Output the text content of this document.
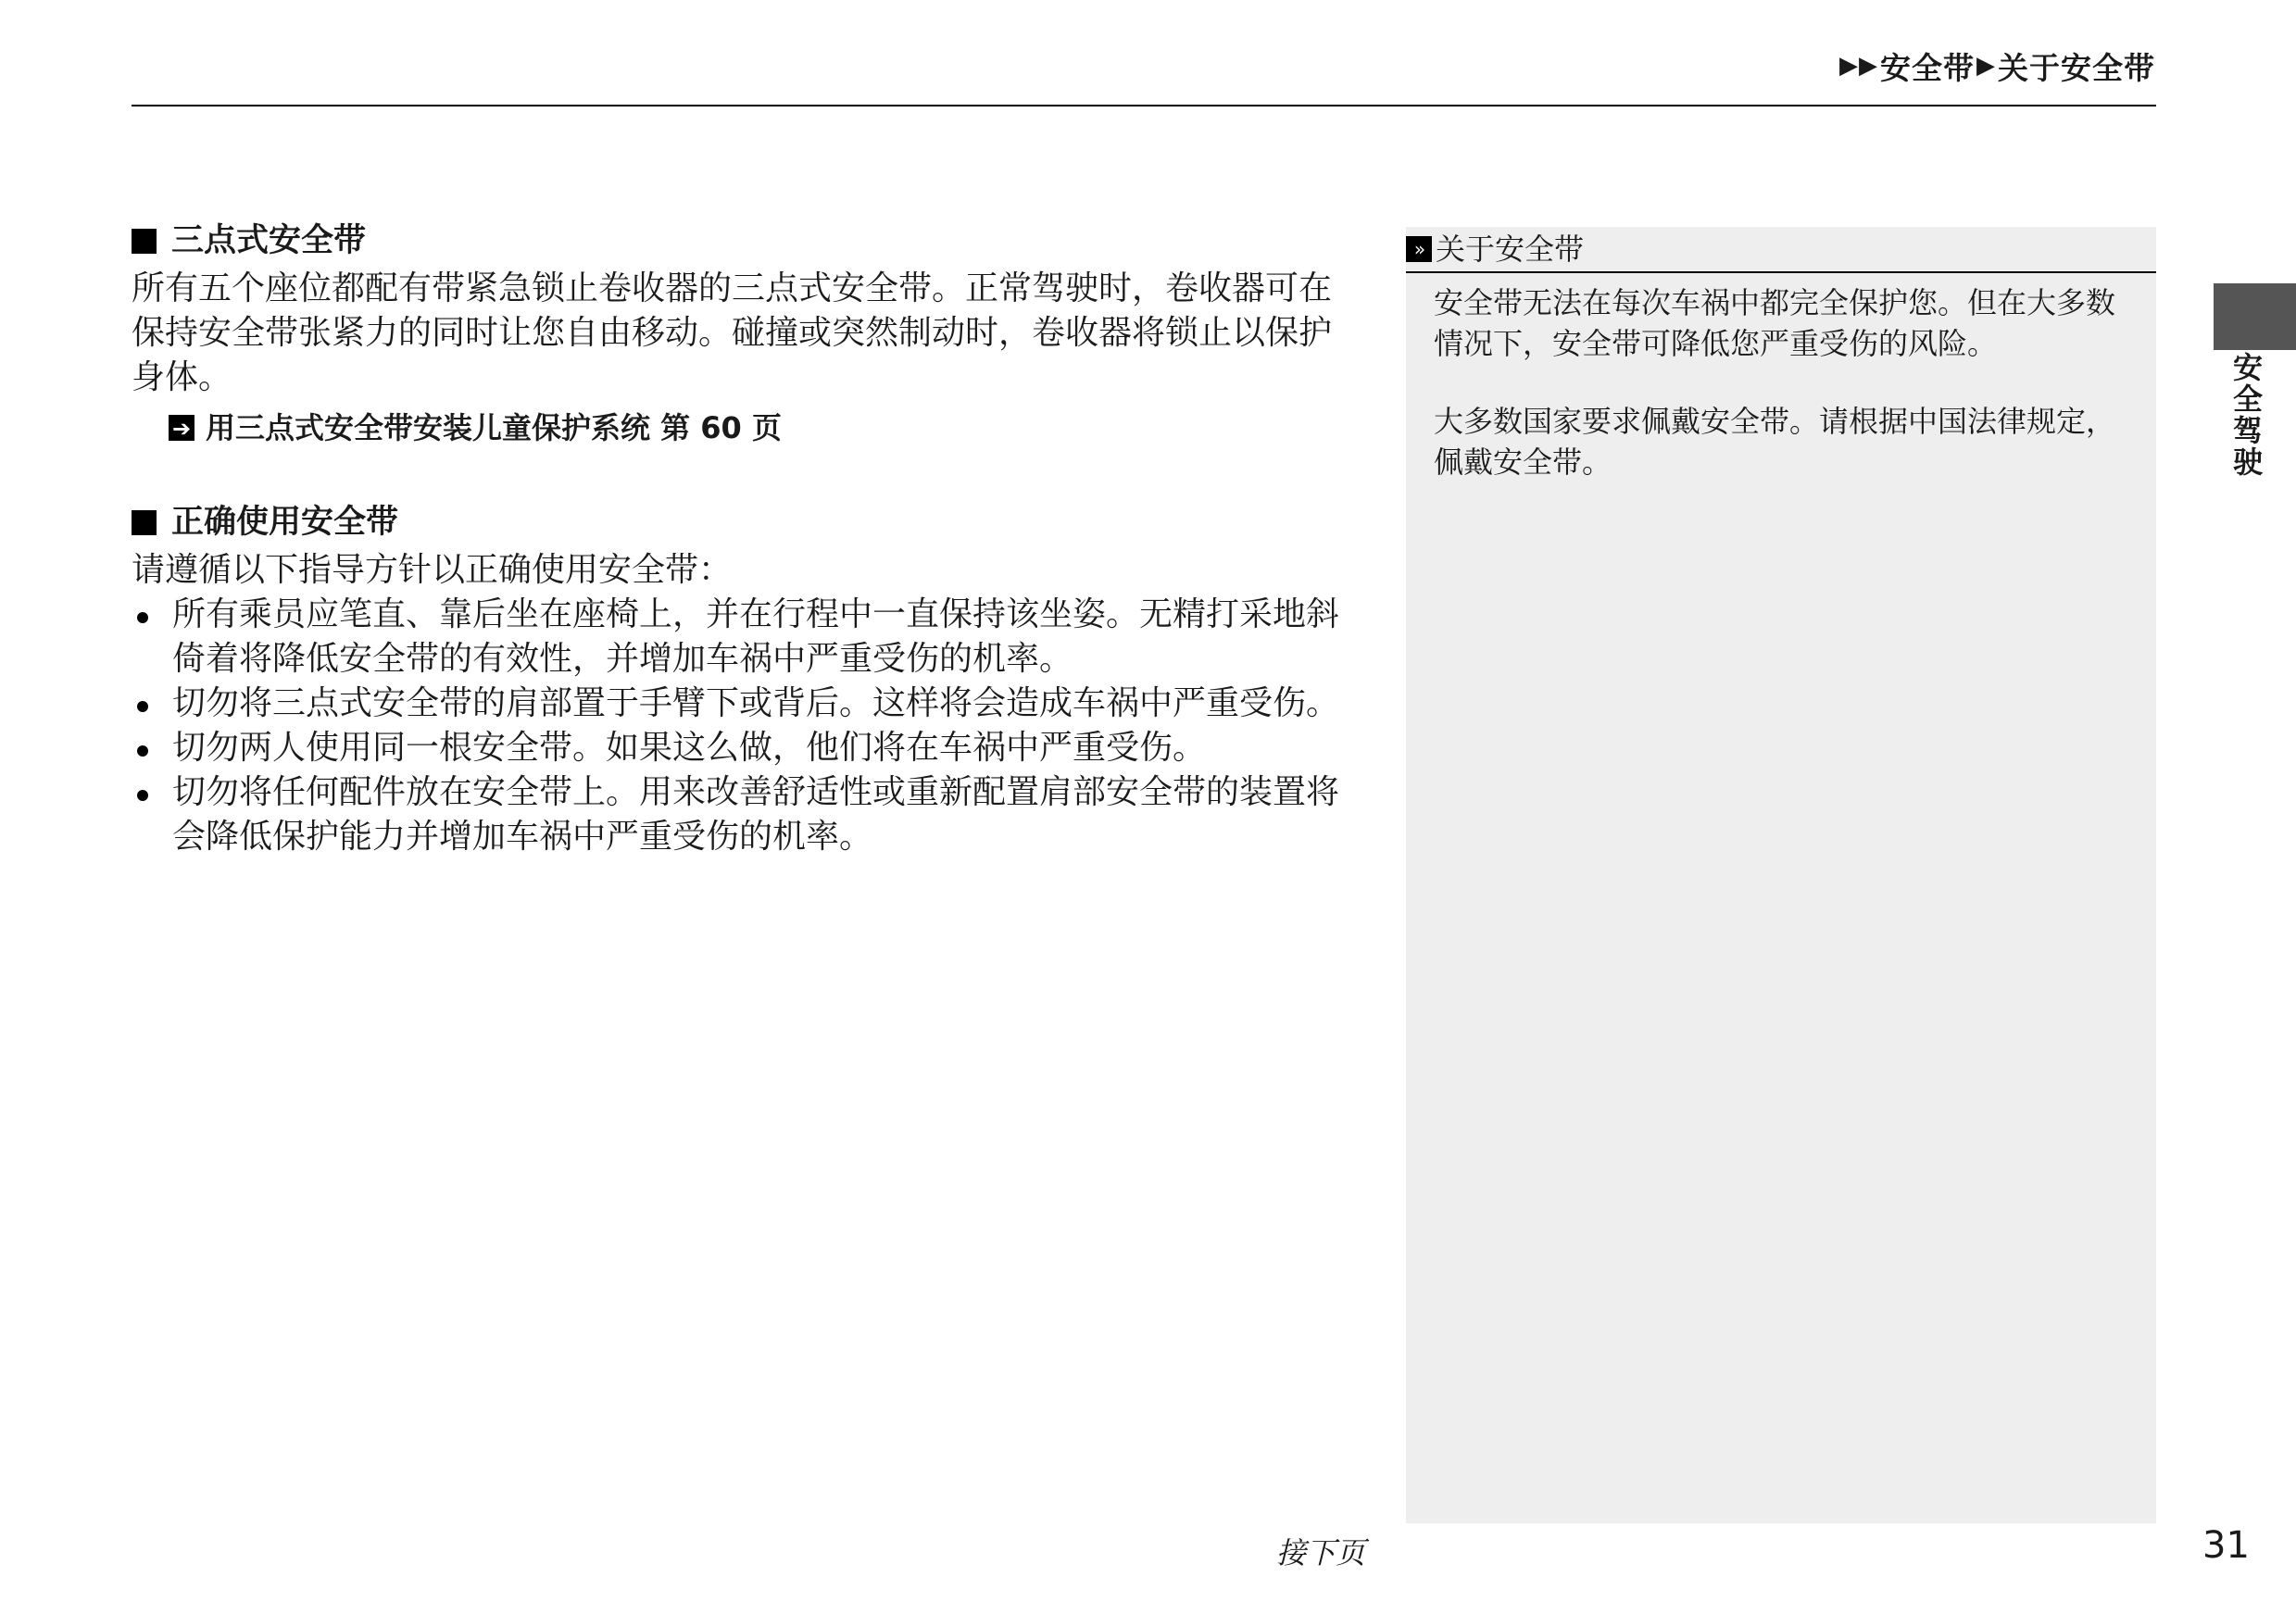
▶▶ 安全带 ▶ 关于安全带
三点式安全带

所有五个座位都配有带紧急锁止卷收器的三点式安全带。正常驾驶时，卷收器可在保持安全带张紧力的同时让您自由移动。碰撞或突然制动时，卷收器将锁止以保护身体。

➔ 用三点式安全带安装儿童保护系统 第 60 页
正确使用安全带

请遵循以下指导方针以正确使用安全带：

所有乘员应笔直、靠后坐在座椅上，并在行程中一直保持该坐姿。无精打采地斜倚着将降低安全带的有效性，并增加车祸中严重受伤的机率。
切勿将三点式安全带的肩部置于手臂下或背后。这样将会造成车祸中严重受伤。
切勿两人使用同一根安全带。如果这么做，他们将在车祸中严重受伤。
切勿将任何配件放在安全带上。用来改善舒适性或重新配置肩部安全带的装置将会降低保护能力并增加车祸中严重受伤的机率。
» 关于安全带

安全带无法在每次车祸中都完全保护您。但在大多数情况下，安全带可降低您严重受伤的风险。

大多数国家要求佩戴安全带。请根据中国法律规定，佩戴安全带。	安全驾驶
接下页	31
